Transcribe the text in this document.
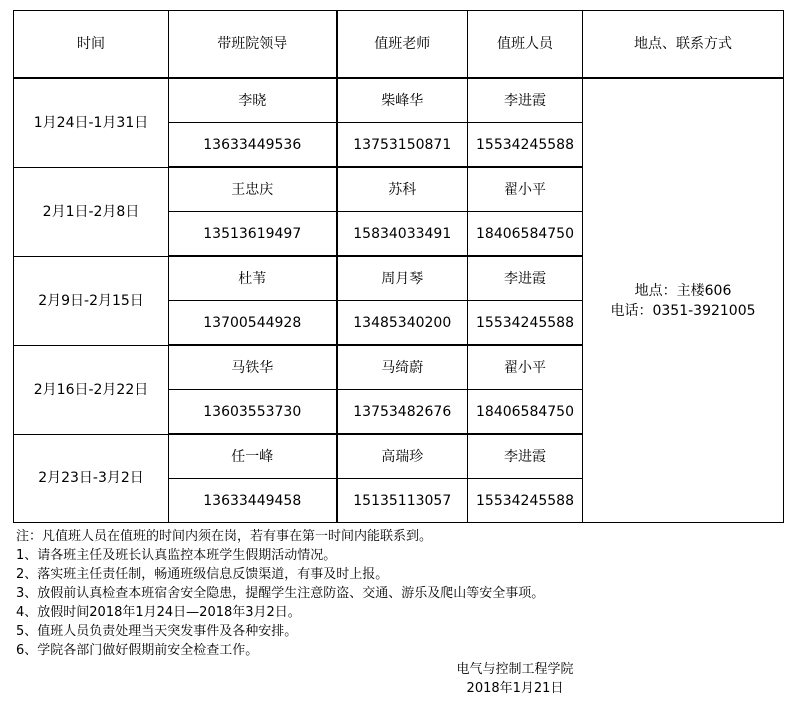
时间	带班院领导	值班老师	值班人员	地点、联系方式
1月24日-1月31日	李晓	柴峰华	李进霞	地点：主楼606
电话：0351-3921005

	13633449536	13753150871	15534245588	
2月1日-2月8日	王忠庆	苏科	翟小平	
	13513619497	15834033491	18406584750	
2月9日-2月15日	杜苇	周月琴	李进霞	
	13700544928	13485340200	15534245588	
2月16日-2月22日	马铁华	马绮蔚	翟小平	
	13603553730	13753482676	18406584750	
2月23日-3月2日	任一峰	高瑞珍	李进霞	
	13633449458	15135113057	15534245588	
注：凡值班人员在值班的时间内须在岗，若有事在第一时间内能联系到。
1、请各班主任及班长认真监控本班学生假期活动情况。
2、落实班主任责任制，畅通班级信息反馈渠道，有事及时上报。
3、放假前认真检查本班宿舍安全隐患，提醒学生注意防盗、交通、游乐及爬山等安全事项。
4、放假时间2018年1月24日—2018年3月2日。
5、值班人员负责处理当天突发事件及各种安排。
6、学院各部门做好假期前安全检查工作。
电气与控制工程学院
2018年1月21日
